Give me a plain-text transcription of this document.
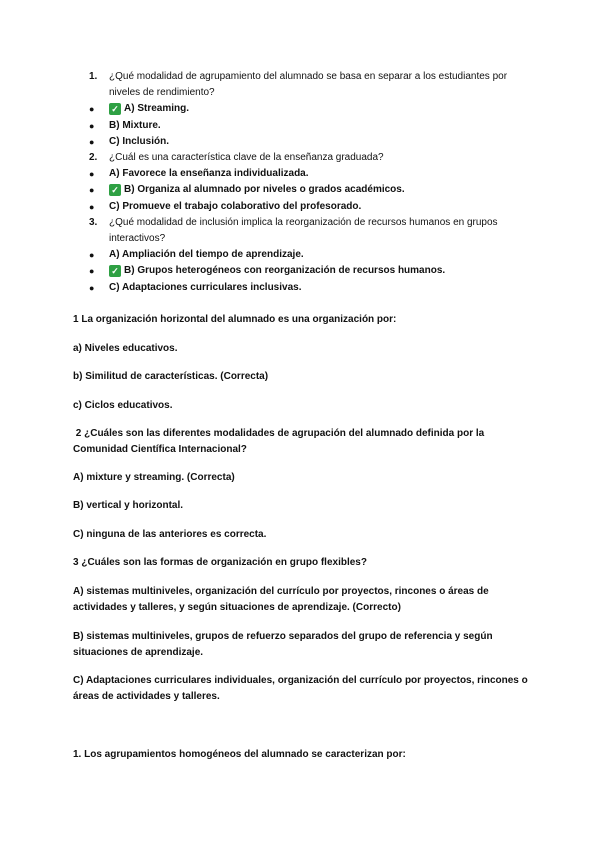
1.	¿Qué modalidad de agrupamiento del alumnado se basa en separar a los estudiantes por niveles de rendimiento?
●	✓ A) Streaming.
●	B) Mixture.
●	C) Inclusión.
2.	¿Cuál es una característica clave de la enseñanza graduada?
●	A) Favorece la enseñanza individualizada.
●	✓ B) Organiza al alumnado por niveles o grados académicos.
●	C) Promueve el trabajo colaborativo del profesorado.
3.	¿Qué modalidad de inclusión implica la reorganización de recursos humanos en grupos interactivos?
●	A) Ampliación del tiempo de aprendizaje.
●	✓ B) Grupos heterogéneos con reorganización de recursos humanos.
●	C) Adaptaciones curriculares inclusivas.

1 La organización horizontal del alumnado es una organización por:

a) Niveles educativos.

b) Similitud de características. (Correcta)

c) Ciclos educativos.

2 ¿Cuáles son las diferentes modalidades de agrupación del alumnado definida por la Comunidad Científica Internacional?

A) mixture y streaming. (Correcta)

B) vertical y horizontal.

C) ninguna de las anteriores es correcta.

3 ¿Cuáles son las formas de organización en grupo flexibles?

A) sistemas multiniveles, organización del currículo por proyectos, rincones o áreas de actividades y talleres, y según situaciones de aprendizaje. (Correcto)

B) sistemas multiniveles, grupos de refuerzo separados del grupo de referencia y según situaciones de aprendizaje.

C) Adaptaciones curriculares individuales, organización del currículo por proyectos, rincones o áreas de actividades y talleres.

1. Los agrupamientos homogéneos del alumnado se caracterizan por:
